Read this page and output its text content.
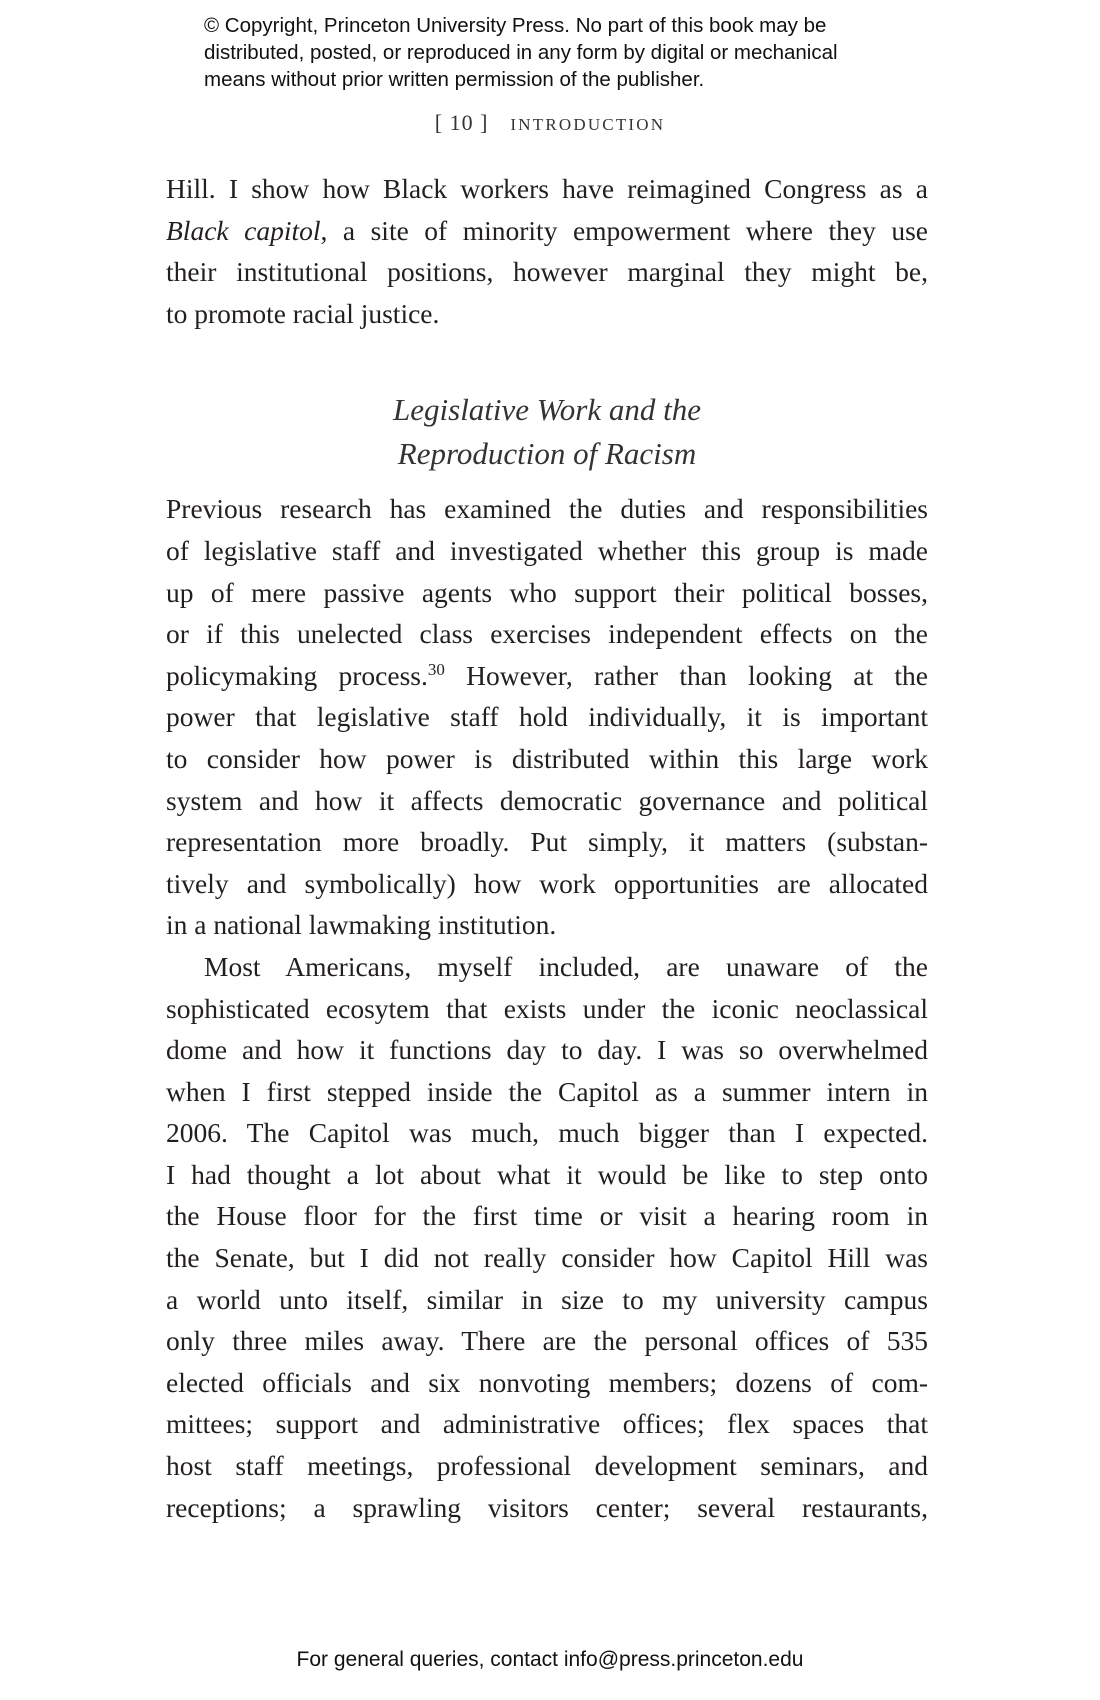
© Copyright, Princeton University Press. No part of this book may be
distributed, posted, or reproduced in any form by digital or mechanical
means without prior written permission of the publisher.
[ 10 ] INTRODUCTION
Hill. I show how Black workers have reimagined Congress as a
Black capitol, a site of minority empowerment where they use
their institutional positions, however marginal they might be,
to promote racial justice.
Legislative Work and the
Reproduction of Racism
Previous research has examined the duties and responsibilities
of legislative staff and investigated whether this group is made
up of mere passive agents who support their political bosses,
or if this unelected class exercises independent effects on the
policymaking process.$^{30}$ However, rather than looking at the
power that legislative staff hold individually, it is important
to consider how power is distributed within this large work
system and how it affects democratic governance and political
representation more broadly. Put simply, it matters (substan-
tively and symbolically) how work opportunities are allocated
in a national lawmaking institution.
Most Americans, myself included, are unaware of the
sophisticated ecosytem that exists under the iconic neoclassical
dome and how it functions day to day. I was so overwhelmed
when I first stepped inside the Capitol as a summer intern in
2006. The Capitol was much, much bigger than I expected.
I had thought a lot about what it would be like to step onto
the House floor for the first time or visit a hearing room in
the Senate, but I did not really consider how Capitol Hill was
a world unto itself, similar in size to my university campus
only three miles away. There are the personal offices of 535
elected officials and six nonvoting members; dozens of com-
mittees; support and administrative offices; flex spaces that
host staff meetings, professional development seminars, and
receptions; a sprawling visitors center; several restaurants,
For general queries, contact info@press.princeton.edu
